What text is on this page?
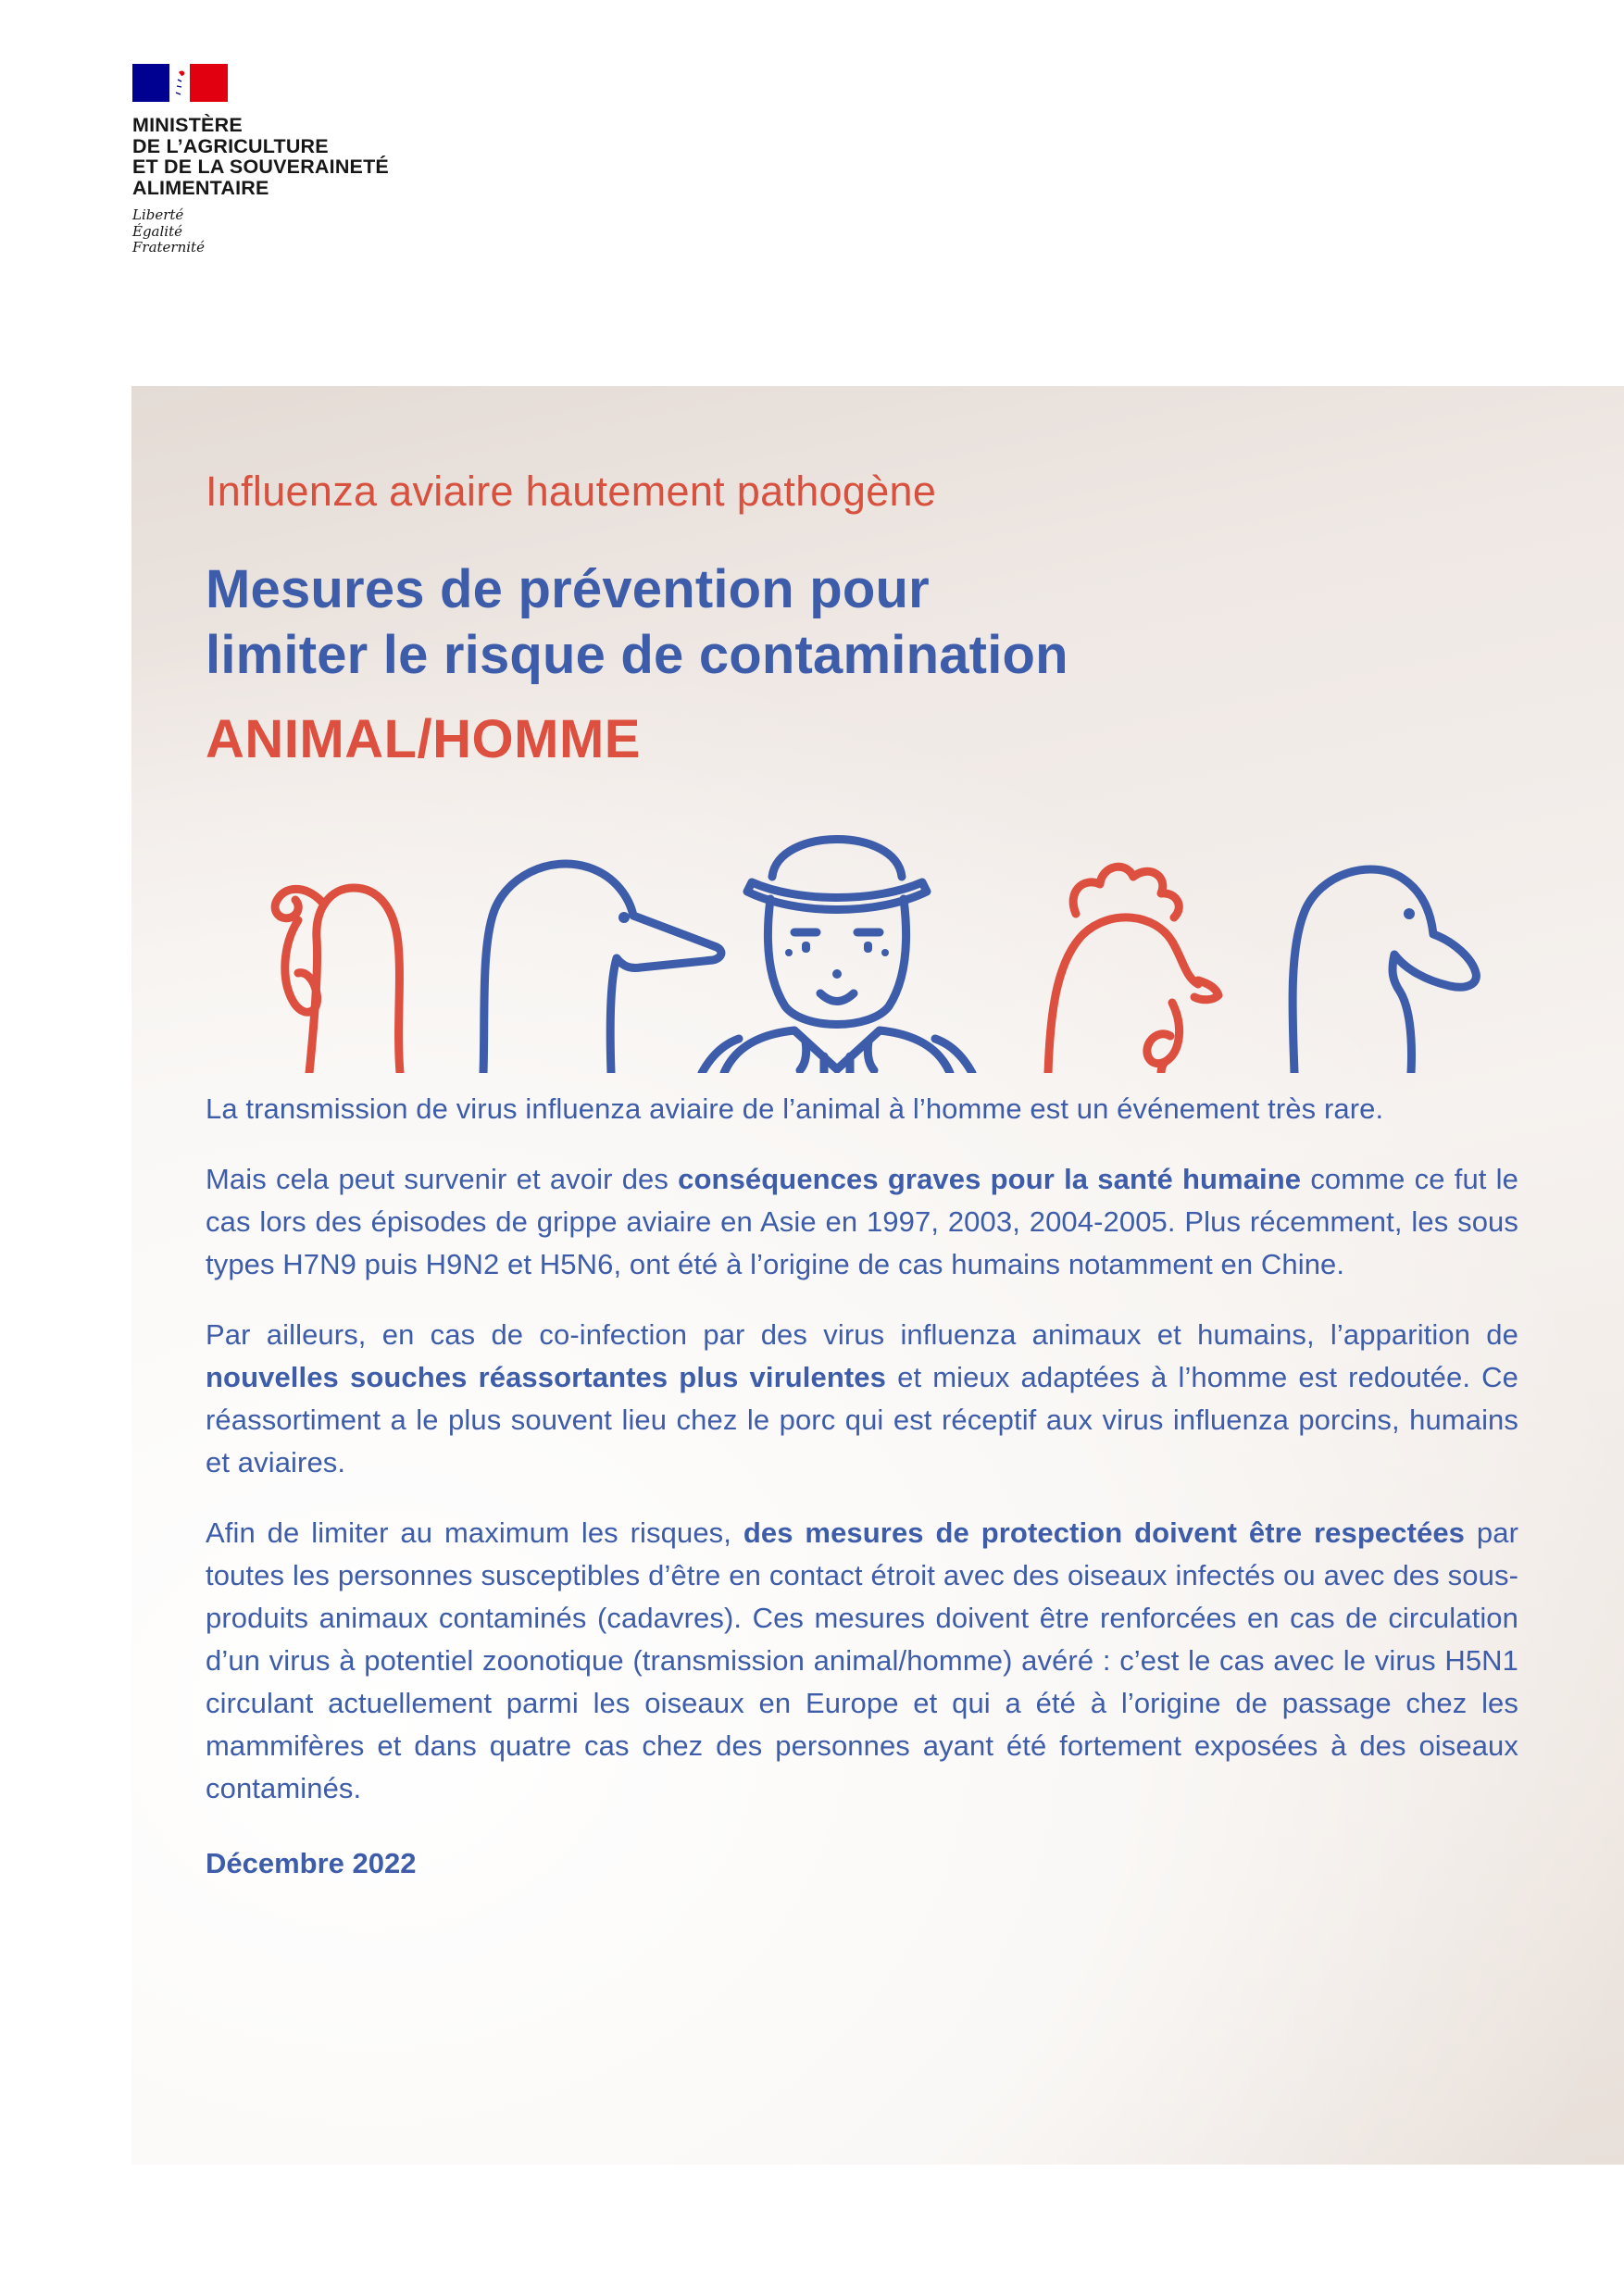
MINISTÈRE
DE L’AGRICULTURE
ET DE LA SOUVERAINETÉ
ALIMENTAIRE
Liberté
Égalité
Fraternité

Influenza aviaire hautement pathogène

Mesures de prévention pour
limiter le risque de contamination
ANIMAL/HOMME

La transmission de virus influenza aviaire de l’animal à l’homme est un événement très rare.

Mais cela peut survenir et avoir des conséquences graves pour la santé humaine comme ce fut le cas lors des épisodes de grippe aviaire en Asie en 1997, 2003, 2004-2005. Plus récemment, les sous types H7N9 puis H9N2 et H5N6, ont été à l’origine de cas humains notamment en Chine.

Par ailleurs, en cas de co-infection par des virus influenza animaux et humains, l’apparition de nouvelles souches réassortantes plus virulentes et mieux adaptées à l’homme est redoutée. Ce réassortiment a le plus souvent lieu chez le porc qui est réceptif aux virus influenza porcins, humains et aviaires.

Afin de limiter au maximum les risques, des mesures de protection doivent être respectées par toutes les personnes susceptibles d’être en contact étroit avec des oiseaux infectés ou avec des sous-produits animaux contaminés (cadavres). Ces mesures doivent être renforcées en cas de circulation d’un virus à potentiel zoonotique (transmission animal/homme) avéré : c’est le cas avec le virus H5N1 circulant actuellement parmi les oiseaux en Europe et qui a été à l’origine de passage chez les mammifères et dans quatre cas chez des personnes ayant été fortement exposées à des oiseaux contaminés.

Décembre 2022
